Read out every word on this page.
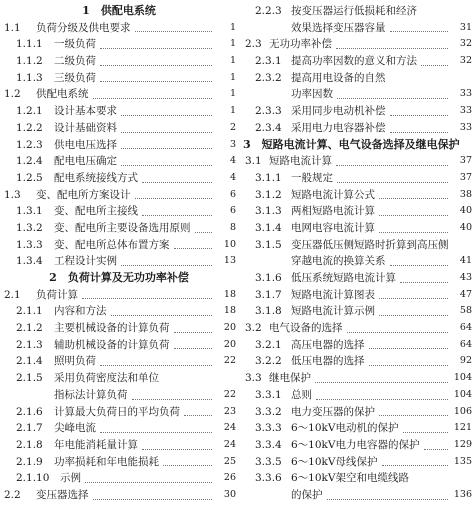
1  供配电系统
1.1 负荷分级及供电要求	1
1.1.1 一级负荷	1
1.1.2 二级负荷	1
1.1.3 三级负荷	1
1.2 供配电系统	1
1.2.1 设计基本要求	1
1.2.2 设计基础资料	2
1.2.3 供电电压选择	3
1.2.4 配电电压确定	4
1.2.5 配电系统接线方式	4
1.3 变、配电所方案设计	6
1.3.1 变、配电所主接线	6
1.3.2 变、配电所主要设备选用原则	8
1.3.3 变、配电所总体布置方案	10
1.3.4 工程设计实例	13
2  负荷计算及无功功率补偿
2.1 负荷计算	18
2.1.1 内容和方法	18
2.1.2 主要机械设备的计算负荷	20
2.1.3 辅助机械设备的计算负荷	20
2.1.4 照明负荷	22
2.1.5 采用负荷密度法和单位
指标法计算负荷	22
2.1.6 计算最大负荷日的平均负荷	23
2.1.7 尖峰电流	24
2.1.8 年电能消耗量计算	24
2.1.9 功率损耗和年电能损耗	25
2.1.10 示例	26
2.2 变压器选择	30
2.2.3 按变压器运行低损耗和经济
效果选择变压器容量	31
2.3 无功功率补偿	32
2.3.1 提高功率因数的意义和方法	32
2.3.2 提高用电设备的自然
功率因数	33
2.3.3 采用同步电动机补偿	33
2.3.4 采用电力电容器补偿	33
3  短路电流计算、电气设备选择及继电保护
3.1 短路电流计算	37
3.1.1 一般规定	37
3.1.2 短路电流计算公式	38
3.1.3 两相短路电流计算	40
3.1.4 电网电容电流计算	40
3.1.5 变压器低压侧短路时折算到高压侧
穿越电流的换算关系	41
3.1.6 低压系统短路电流计算	43
3.1.7 短路电流计算图表	47
3.1.8 短路电流计算示例	58
3.2 电气设备的选择	64
3.2.1 高压电器的选择	64
3.2.2 低压电器的选择	92
3.3 继电保护	104
3.3.1 总则	104
3.3.2 电力变压器的保护	106
3.3.3 6～10kV电动机的保护	121
3.3.4 6～10kV电力电容器的保护	129
3.3.5 6～10kV母线保护	135
3.3.6 6～10kV架空和电缆线路
的保护	136
